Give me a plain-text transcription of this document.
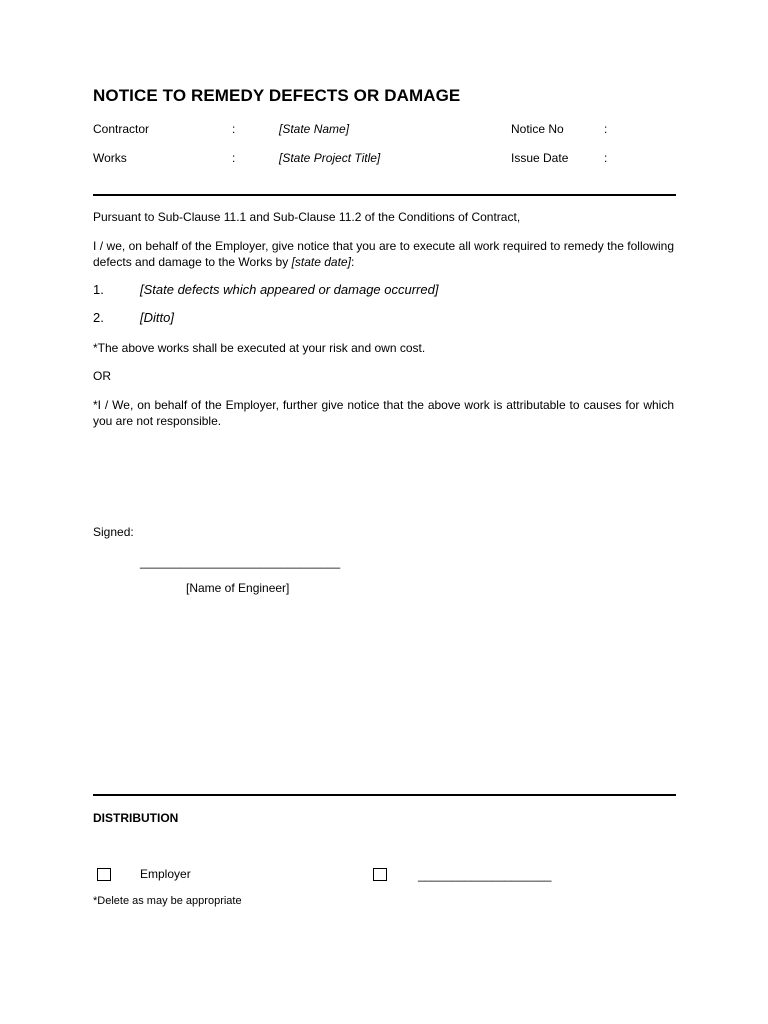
NOTICE TO REMEDY DEFECTS OR DAMAGE
Contractor	:	[State Name]	Notice No	:
Works	:	[State Project Title]	Issue Date	:
Pursuant to Sub-Clause 11.1 and Sub-Clause 11.2 of the Conditions of Contract,
I / we, on behalf of the Employer, give notice that you are to execute all work required to remedy the following defects and damage to the Works by [state date]:
1.	[State defects which appeared or damage occurred]
2.	[Ditto]
*The above works shall be executed at your risk and own cost.
OR
*I / We, on behalf of the Employer, further give notice that the above work is attributable to causes for which you are not responsible.
Signed:
______________________________
[Name of Engineer]
DISTRIBUTION
Employer	____________________
*Delete as may be appropriate
